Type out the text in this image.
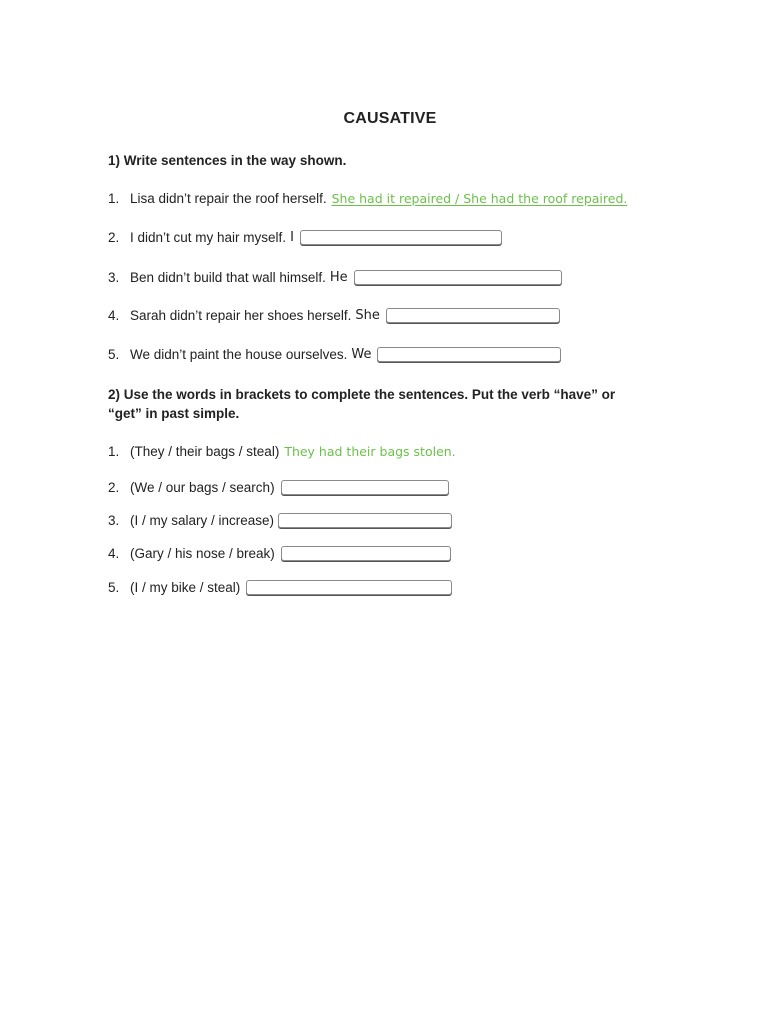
CAUSATIVE
1) Write sentences in the way shown.
1. Lisa didn’t repair the roof herself. She had it repaired / She had the roof repaired.
2. I didn’t cut my hair myself. I
3. Ben didn’t build that wall himself. He
4. Sarah didn’t repair her shoes herself. She
5. We didn’t paint the house ourselves. We
2) Use the words in brackets to complete the sentences. Put the verb “have” or
“get” in past simple.
1. (They / their bags / steal) They had their bags stolen.
2. (We / our bags / search)
3. (I / my salary / increase)
4. (Gary / his nose / break)
5. (I / my bike / steal)
